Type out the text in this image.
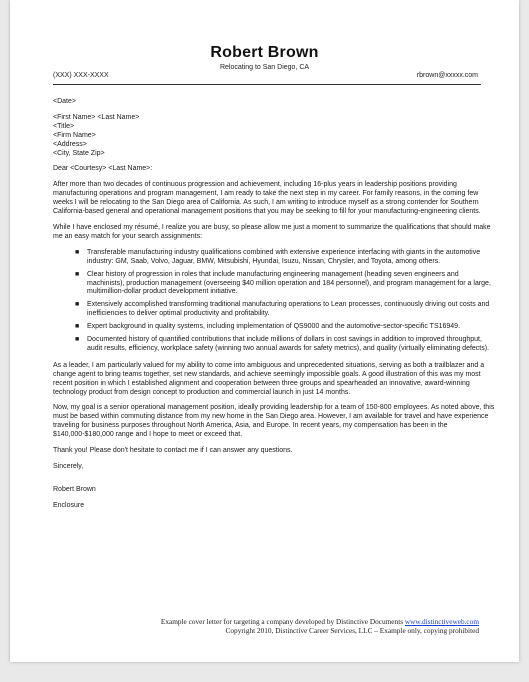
Robert Brown
Relocating to San Diego, CA
(XXX) XXX-XXXX	rbrown@xxxxx.com

<Date>

<First Name> <Last Name>
<Title>
<Firm Name>
<Address>
<City, State Zip>

Dear <Courtesy> <Last Name>:

After more than two decades of continuous progression and achievement, including 16-plus years in leadership positions providing manufacturing operations and program management, I am ready to take the next step in my career. For family reasons, in the coming few weeks I will be relocating to the San Diego area of California. As such, I am writing to introduce myself as a strong contender for Southern California-based general and operational management positions that you may be seeking to fill for your manufacturing-engineering clients.

While I have enclosed my résumé, I realize you are busy, so please allow me just a moment to summarize the qualifications that should make me an easy match for your search assignments:

■ Transferable manufacturing industry qualifications combined with extensive experience interfacing with giants in the automotive industry: GM, Saab, Volvo, Jaguar, BMW, Mitsubishi, Hyundai, Isuzu, Nissan, Chrysler, and Toyota, among others.
■ Clear history of progression in roles that include manufacturing engineering management (heading seven engineers and machinists), production management (overseeing $40 million operation and 184 personnel), and program management for a large, multimillion-dollar product development initiative.
■ Extensively accomplished transforming traditional manufacturing operations to Lean processes, continuously driving out costs and inefficiencies to deliver optimal productivity and profitability.
■ Expert background in quality systems, including implementation of QS9000 and the automotive-sector-specific TS16949.
■ Documented history of quantified contributions that include millions of dollars in cost savings in addition to improved throughput, audit results, efficiency, workplace safety (winning two annual awards for safety metrics), and quality (virtually eliminating defects).

As a leader, I am particularly valued for my ability to come into ambiguous and unprecedented situations, serving as both a trailblazer and a change agent to bring teams together, set new standards, and achieve seemingly impossible goals. A good illustration of this was my most recent position in which I established alignment and cooperation between three groups and spearheaded an innovative, award-winning technology product from design concept to production and commercial launch in just 14 months.

Now, my goal is a senior operational management position, ideally providing leadership for a team of 150-800 employees. As noted above, this must be based within commuting distance from my new home in the San Diego area. However, I am available for travel and have experience traveling for business purposes throughout North America, Asia, and Europe. In recent years, my compensation has been in the $140,000-$180,000 range and I hope to meet or exceed that.

Thank you! Please don't hesitate to contact me if I can answer any questions.

Sincerely,

Robert Brown

Enclosure

Example cover letter for targeting a company developed by Distinctive Documents www.distinctiveweb.com
Copyright 2010, Distinctive Career Services, LLC – Example only, copying prohibited
